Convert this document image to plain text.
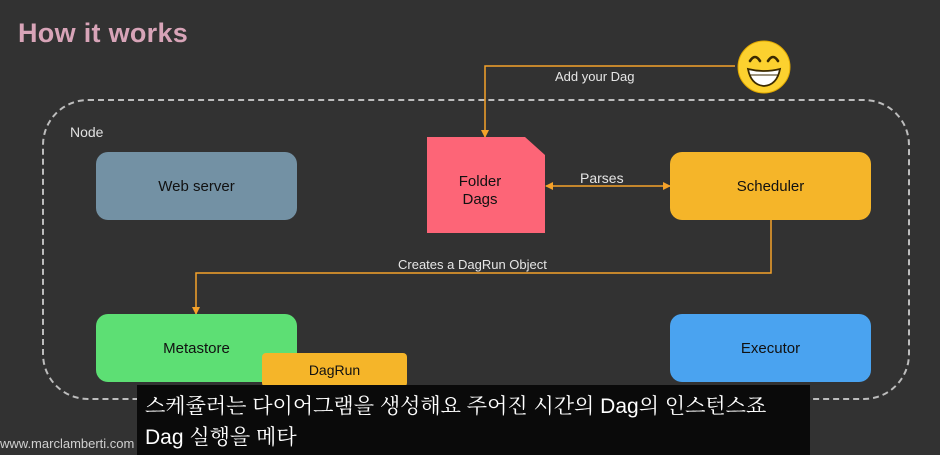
How it works
Node
Add your Dag
Parses
Creates a DagRun Object
Web server	Scheduler
Metastore	Executor
Folder
Dags
DagRun
스케쥴러는 다이어그램을 생성해요 주어진 시간의 Dag의 인스턴스죠
Dag 실행을 메타
www.marclamberti.com
